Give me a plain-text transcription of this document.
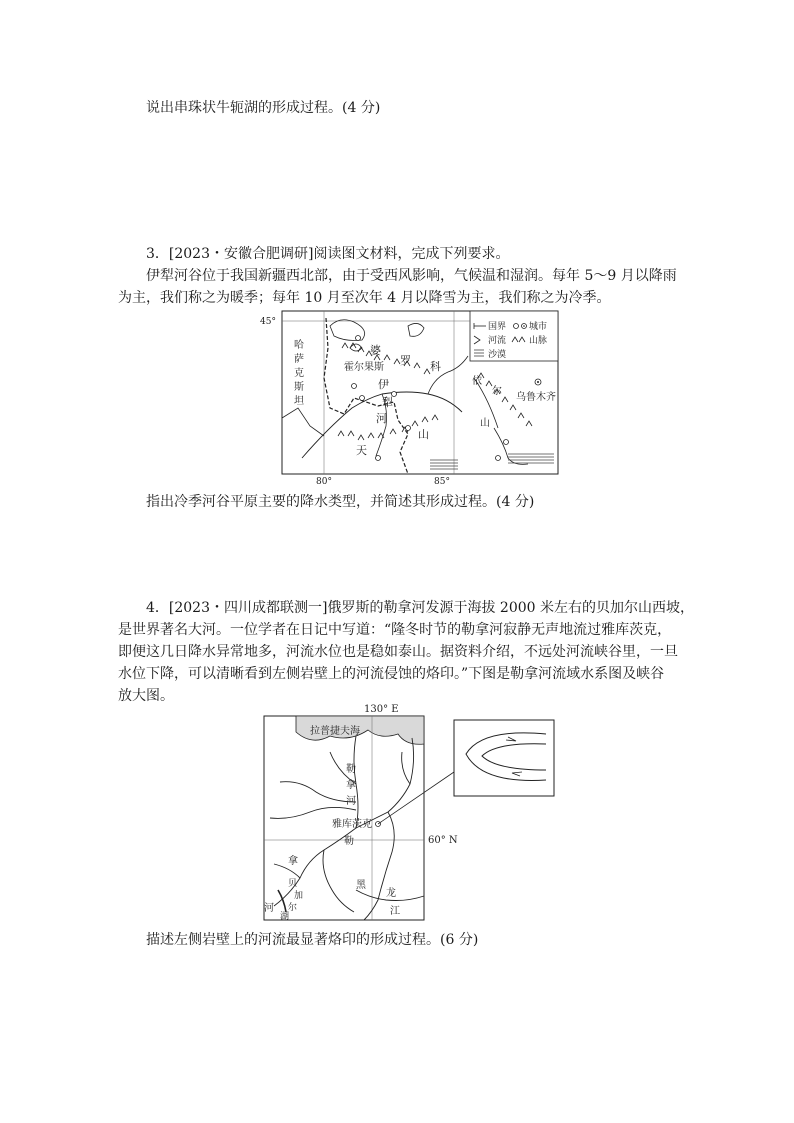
说出串珠状牛轭湖的形成过程。(4 分)
3．[2023・安徽合肥调研]阅读图文材料，完成下列要求。
伊犁河谷位于我国新疆西北部，由于受西风影响，气候温和湿润。每年 5～9 月以降雨
为主，我们称之为暖季；每年 10 月至次年 4 月以降雪为主，我们称之为冷季。
45°
80°	85°
哈
萨
克
斯
坦
婆
罗 科
霍尔果斯
伊
犁
河
天
山
依
尔
山
乌鲁木齐
国界	城市
河流	山脉
沙漠
指出冷季河谷平原主要的降水类型，并简述其形成过程。(4 分)
4．[2023・四川成都联测一]俄罗斯的勒拿河发源于海拔 2000 米左右的贝加尔山西坡，
是世界著名大河。一位学者在日记中写道：“隆冬时节的勒拿河寂静无声地流过雅库茨克，
即便这几日降水异常地多，河流水位也是稳如泰山。据资料介绍，不远处河流峡谷里，一旦
水位下降，可以清晰看到左侧岩壁上的河流侵蚀的烙印。”下图是勒拿河流域水系图及峡谷
放大图。
130° E
60° N
拉普捷夫海
勒
拿
河
雅库茨克
勒
拿
贝
加
尔
湖
河
黑
龙
江
描述左侧岩壁上的河流最显著烙印的形成过程。(6 分)
